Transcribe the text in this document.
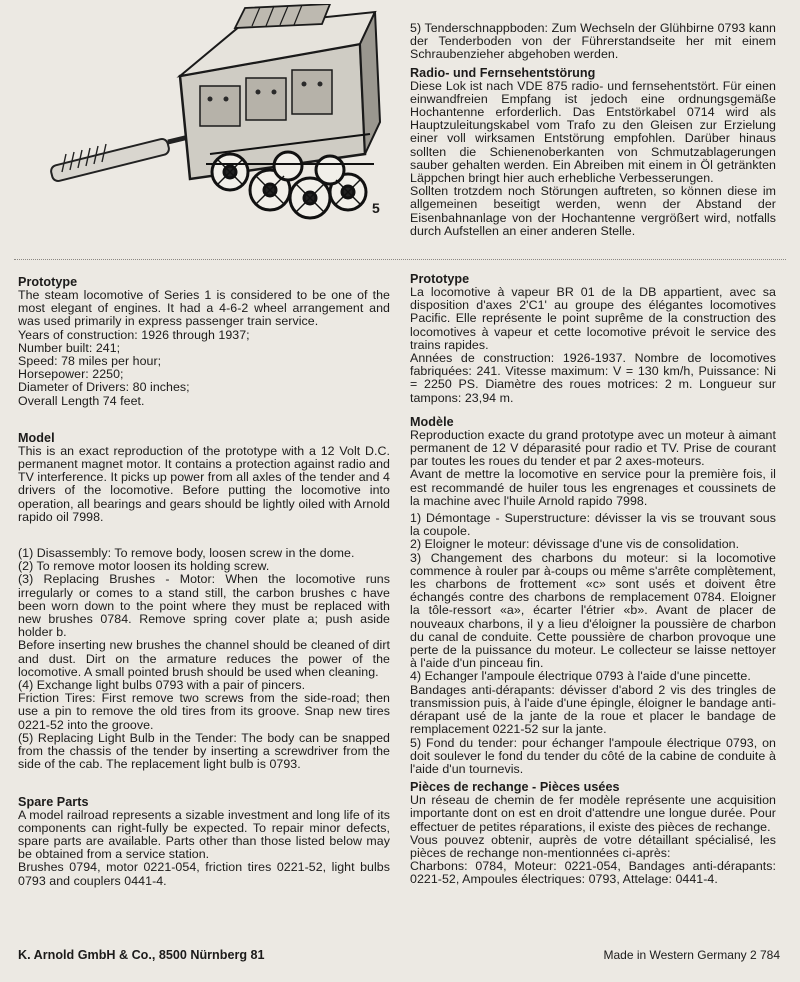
5

5) Tenderschnappboden: Zum Wechseln der Glühbirne 0793 kann der Tenderboden von der Führerstandseite her mit einem Schraubenzieher abgehoben werden.

Radio- und Fernsehentstörung

Diese Lok ist nach VDE 875 radio- und fernsehentstört. Für einen einwandfreien Empfang ist jedoch eine ordnungsgemäße Hochantenne erforderlich. Das Entstörkabel 0714 wird als Hauptzuleitungskabel vom Trafo zu den Gleisen zur Erzielung einer voll wirksamen Entstörung empfohlen. Darüber hinaus sollten die Schienenoberkanten von Schmutzablagerungen sauber gehalten werden. Ein Abreiben mit einem in Öl getränkten Läppchen bringt hier auch erhebliche Verbesserungen.

Sollten trotzdem noch Störungen auftreten, so können diese im allgemeinen beseitigt werden, wenn der Abstand der Eisenbahnanlage von der Hochantenne vergrößert wird, notfalls durch Aufstellen an einer anderen Stelle.

Prototype

The steam locomotive of Series 1 is considered to be one of the most elegant of engines. It had a 4-6-2 wheel arrangement and was used primarily in express passenger train service.

Years of construction: 1926 through 1937;
Number built: 241;
Speed: 78 miles per hour;
Horsepower: 2250;
Diameter of Drivers: 80 inches;
Overall Length 74 feet.
Model

This is an exact reproduction of the prototype with a 12 Volt D.C. permanent magnet motor. It contains a protection against radio and TV interference. It picks up power from all axles of the tender and 4 drivers of the locomotive. Before putting the locomotive into operation, all bearings and gears should be lightly oiled with Arnold rapido oil 7998.

(1) Disassembly: To remove body, loosen screw in the dome.

(2) To remove motor loosen its holding screw.

(3) Replacing Brushes - Motor: When the locomotive runs irregularly or comes to a stand still, the carbon brushes c have been worn down to the point where they must be replaced with new brushes 0784. Remove spring cover plate a; push aside holder b.

Before inserting new brushes the channel should be cleaned of dirt and dust. Dirt on the armature reduces the power of the locomotive. A small pointed brush should be used when cleaning.

(4) Exchange light bulbs 0793 with a pair of pincers.

Friction Tires: First remove two screws from the side-road; then use a pin to remove the old tires from its groove. Snap new tires 0221-52 into the groove.

(5) Replacing Light Bulb in the Tender: The body can be snapped from the chassis of the tender by inserting a screwdriver from the side of the cab. The replacement light bulb is 0793.

Spare Parts

A model railroad represents a sizable investment and long life of its components can right-fully be expected. To repair minor defects, spare parts are available. Parts other than those listed below may be obtained from a service station.

Brushes 0794, motor 0221-054, friction tires 0221-52, light bulbs 0793 and couplers 0441-4.

Prototype

La locomotive à vapeur BR 01 de la DB appartient, avec sa disposition d'axes 2'C1' au groupe des élégantes locomotives Pacific. Elle représente le point suprême de la construction des locomotives à vapeur et cette locomotive prévoit le service des trains rapides.

Années de construction: 1926-1937. Nombre de locomotives fabriquées: 241. Vitesse maximum: V = 130 km/h, Puissance: Ni = 2250 PS. Diamètre des roues motrices: 2 m. Longueur sur tampons: 23,94 m.

Modèle

Reproduction exacte du grand prototype avec un moteur à aimant permanent de 12 V déparasité pour radio et TV. Prise de courant par toutes les roues du tender et par 2 axes-moteurs.

Avant de mettre la locomotive en service pour la première fois, il est recommandé de huiler tous les engrenages et coussinets de la machine avec l'huile Arnold rapido 7998.

1) Démontage - Superstructure: dévisser la vis se trouvant sous la coupole.

2) Eloigner le moteur: dévissage d'une vis de consolidation.

3) Changement des charbons du moteur: si la locomotive commence à rouler par à-coups ou même s'arrête complètement, les charbons de frottement «c» sont usés et doivent être échangés contre des charbons de remplacement 0784. Eloigner la tôle-ressort «a», écarter l'étrier «b». Avant de placer de nouveaux charbons, il y a lieu d'éloigner la poussière de charbon du canal de conduite. Cette poussière de charbon provoque une perte de la puissance du moteur. Le collecteur se laisse nettoyer à l'aide d'un pinceau fin.

4) Echanger l'ampoule électrique 0793 à l'aide d'une pincette.

Bandages anti-dérapants: dévisser d'abord 2 vis des tringles de transmission puis, à l'aide d'une épingle, éloigner le bandage anti-dérapant usé de la jante de la roue et placer le bandage de remplacement 0221-52 sur la jante.

5) Fond du tender: pour échanger l'ampoule électrique 0793, on doit soulever le fond du tender du côté de la cabine de conduite à l'aide d'un tournevis.

Pièces de rechange - Pièces usées

Un réseau de chemin de fer modèle représente une acquisition importante dont on est en droit d'attendre une longue durée. Pour effectuer de petites réparations, il existe des pièces de rechange.

Vous pouvez obtenir, auprès de votre détaillant spécialisé, les pièces de rechange non-mentionnées ci-après:

Charbons: 0784, Moteur: 0221-054, Bandages anti-dérapants: 0221-52, Ampoules électriques: 0793, Attelage: 0441-4.

K. Arnold GmbH & Co., 8500 Nürnberg 81	Made in Western Germany 2 784
